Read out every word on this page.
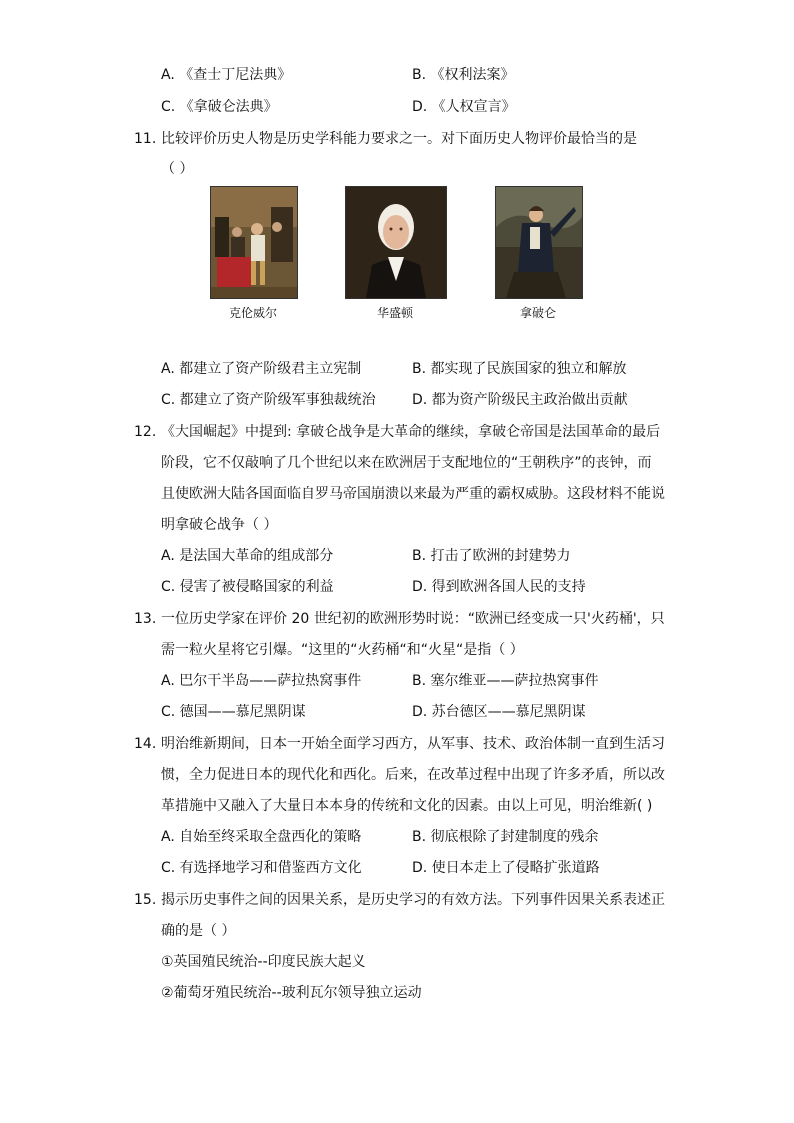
A. 《查士丁尼法典》	B. 《权利法案》
C. 《拿破仑法典》	D. 《人权宣言》
11. 比较评价历史人物是历史学科能力要求之一。对下面历史人物评价最恰当的是
（ ）
克伦威尔	华盛顿	拿破仑
A. 都建立了资产阶级君主立宪制	B. 都实现了民族国家的独立和解放
C. 都建立了资产阶级军事独裁统治	D. 都为资产阶级民主政治做出贡献
12. 《大国崛起》中提到: 拿破仑战争是大革命的继续，拿破仑帝国是法国革命的最后
阶段，它不仅敲响了几个世纪以来在欧洲居于支配地位的“王朝秩序”的丧钟，而
且使欧洲大陆各国面临自罗马帝国崩溃以来最为严重的霸权威胁。这段材料不能说
明拿破仑战争（ ）
A. 是法国大革命的组成部分	B. 打击了欧洲的封建势力
C. 侵害了被侵略国家的利益	D. 得到欧洲各国人民的支持
13. 一位历史学家在评价 20 世纪初的欧洲形势时说：“欧洲已经变成一只'火药桶'，只
需一粒火星将它引爆。“这里的“火药桶“和“火星“是指（ ）
A. 巴尔干半岛——萨拉热窝事件	B. 塞尔维亚——萨拉热窝事件
C. 德国——慕尼黑阴谋	D. 苏台德区——慕尼黑阴谋
14. 明治维新期间，日本一开始全面学习西方，从军事、技术、政治体制一直到生活习
惯，全力促进日本的现代化和西化。后来，在改革过程中出现了许多矛盾，所以改
革措施中又融入了大量日本本身的传统和文化的因素。由以上可见，明治维新( )
A. 自始至终采取全盘西化的策略	B. 彻底根除了封建制度的残余
C. 有选择地学习和借鉴西方文化	D. 使日本走上了侵略扩张道路
15. 揭示历史事件之间的因果关系，是历史学习的有效方法。下列事件因果关系表述正
确的是（ ）
①英国殖民统治--印度民族大起义
②葡萄牙殖民统治--玻利瓦尔领导独立运动
